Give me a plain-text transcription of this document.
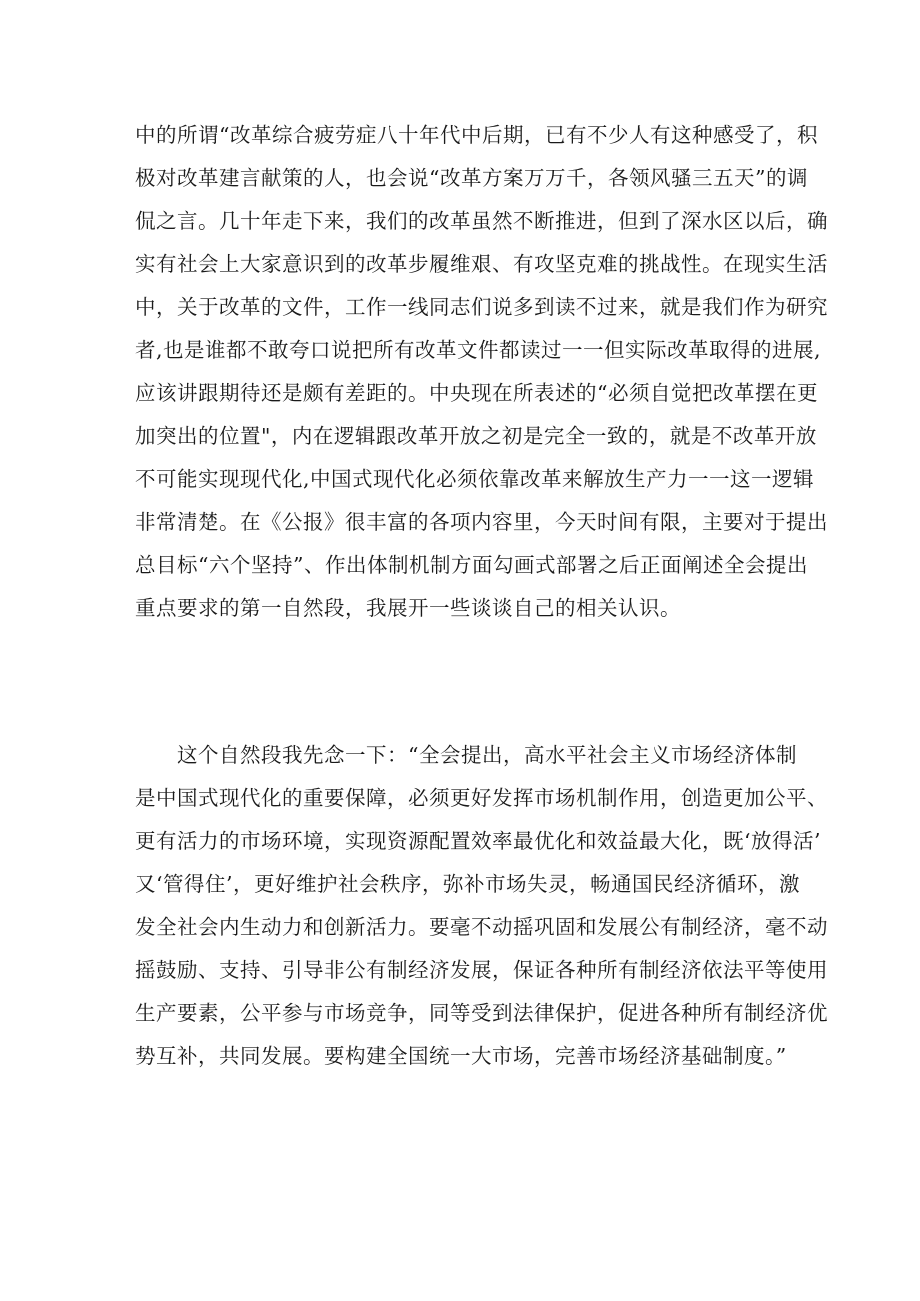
中的所谓“改革综合疲劳症八十年代中后期，已有不少人有这种感受了，积
极对改革建言献策的人，也会说“改革方案万万千，各领风骚三五天”的调
侃之言。几十年走下来，我们的改革虽然不断推进，但到了深水区以后，确
实有社会上大家意识到的改革步履维艰、有攻坚克难的挑战性。在现实生活
中，关于改革的文件，工作一线同志们说多到读不过来，就是我们作为研究
者,也是谁都不敢夸口说把所有改革文件都读过一一但实际改革取得的进展,
应该讲跟期待还是颇有差距的。中央现在所表述的“必须自觉把改革摆在更
加突出的位置"，内在逻辑跟改革开放之初是完全一致的，就是不改革开放
不可能实现现代化,中国式现代化必须依靠改革来解放生产力一一这一逻辑
非常清楚。在《公报》很丰富的各项内容里，今天时间有限，主要对于提出
总目标“六个坚持”、作出体制机制方面勾画式部署之后正面阐述全会提出
重点要求的第一自然段，我展开一些谈谈自己的相关认识。
这个自然段我先念一下：“全会提出，高水平社会主义市场经济体制
是中国式现代化的重要保障，必须更好发挥市场机制作用，创造更加公平、
更有活力的市场环境，实现资源配置效率最优化和效益最大化，既‘放得活’
又‘管得住’，更好维护社会秩序，弥补市场失灵，畅通国民经济循环，激
发全社会内生动力和创新活力。要毫不动摇巩固和发展公有制经济，毫不动
摇鼓励、支持、引导非公有制经济发展，保证各种所有制经济依法平等使用
生产要素，公平参与市场竞争，同等受到法律保护，促进各种所有制经济优
势互补，共同发展。要构建全国统一大市场，完善市场经济基础制度。”
